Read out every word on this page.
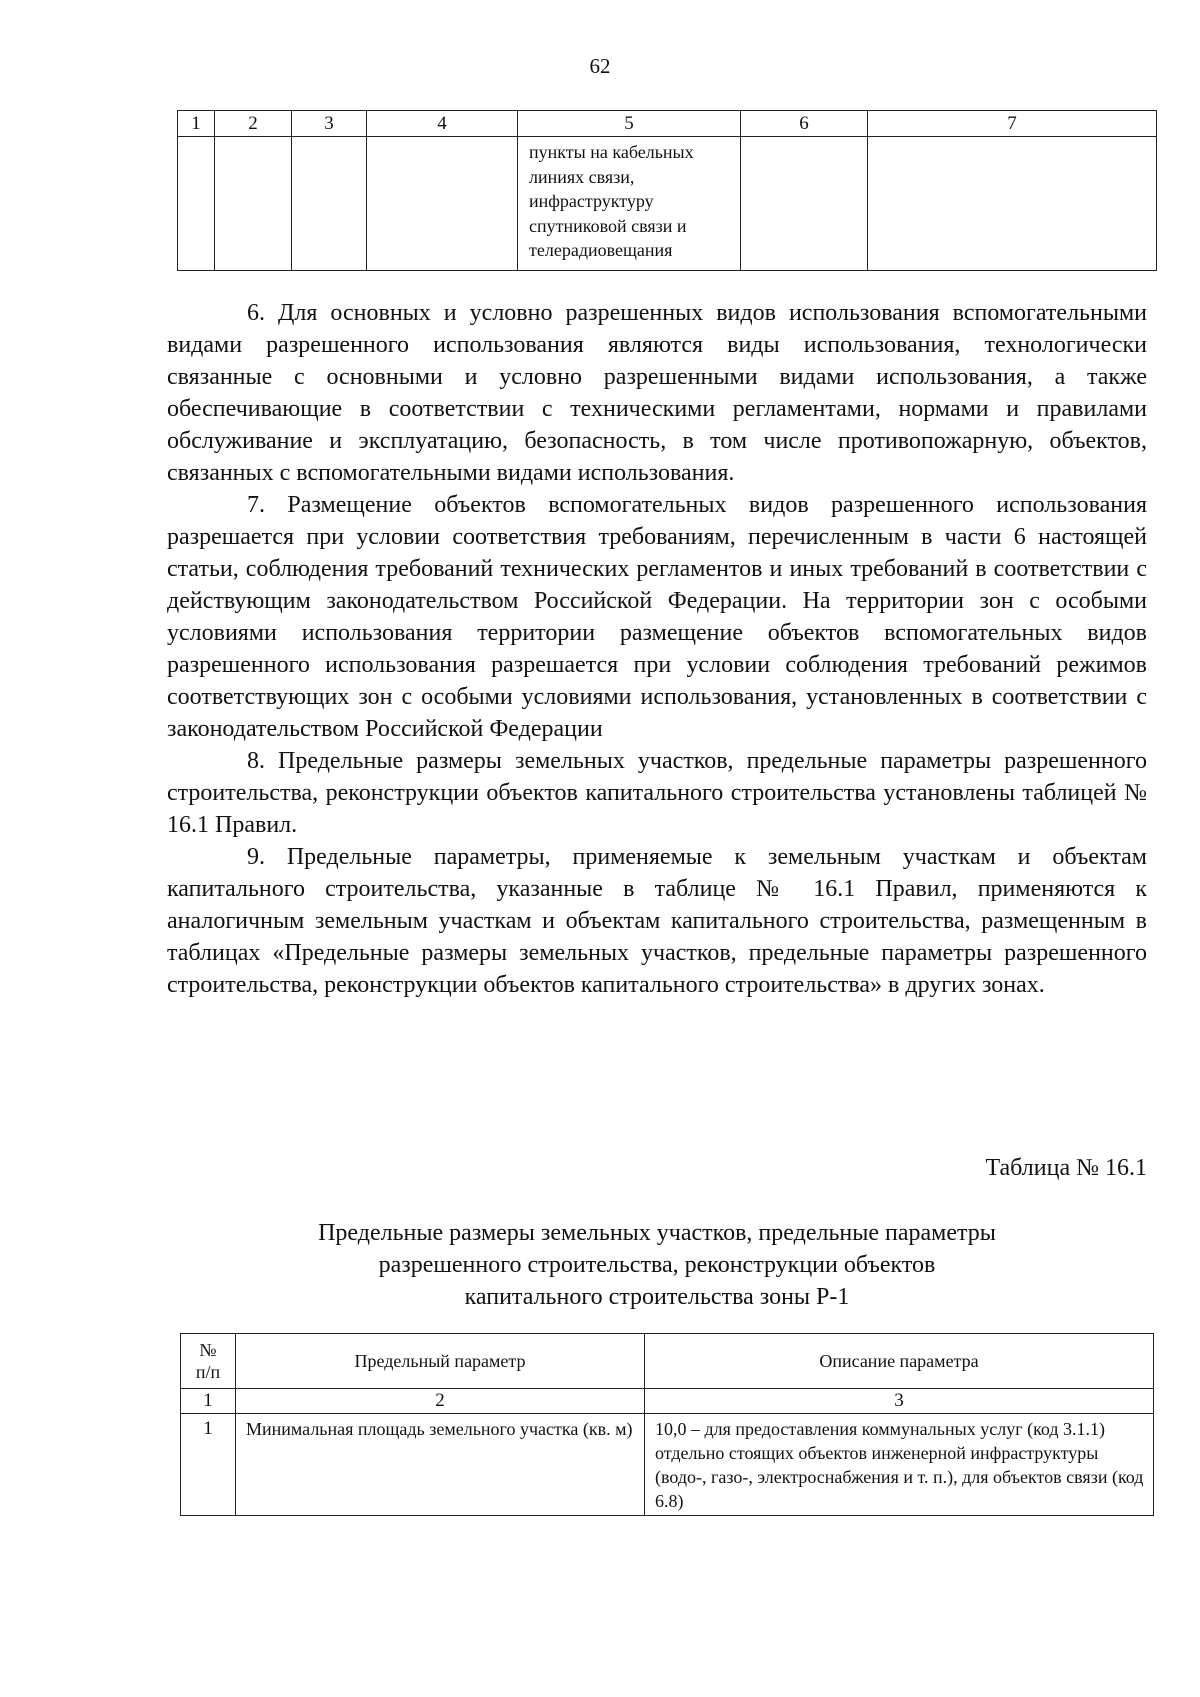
62
1	2	3	4	5	6	7

				пункты на кабельных
линиях связи,
инфраструктуру
спутниковой связи и
телерадиовещания		

6. Для основных и условно разрешенных видов использования вспомогательными видами разрешенного использования являются виды использования, технологически связанные с основными и условно разрешенными видами использования, а также обеспечивающие в соответствии с техническими регламентами, нормами и правилами обслуживание и эксплуатацию, безопасность, в том числе противопожарную, объектов, связанных с вспомогательными видами использования.

7. Размещение объектов вспомогательных видов разрешенного использования разрешается при условии соответствия требованиям, перечисленным в части 6 настоящей статьи, соблюдения требований технических регламентов и иных требований в соответствии с действующим законодательством Российской Федерации. На территории зон с особыми условиями использования территории размещение объектов вспомогательных видов разрешенного использования разрешается при условии соблюдения требований режимов соответствующих зон с особыми условиями использования, установленных в соответствии с законодательством Российской Федерации

8. Предельные размеры земельных участков, предельные параметры разрешенного строительства, реконструкции объектов капитального строительства установлены таблицей № 16.1 Правил.

9. Предельные параметры, применяемые к земельным участкам и объектам капитального строительства, указанные в таблице № 16.1 Правил, применяются к аналогичным земельным участкам и объектам капитального строительства, размещенным в таблицах «Предельные размеры земельных участков, предельные параметры разрешенного строительства, реконструкции объектов капитального строительства» в других зонах.

Таблица № 16.1
Предельные размеры земельных участков, предельные параметры
разрешенного строительства, реконструкции объектов
капитального строительства зоны Р-1
№
п/п	Предельный параметр	Описание параметра
1	2	3
1	Минимальная площадь земельного участка (кв. м)	10,0 – для предоставления коммунальных услуг (код 3.1.1) отдельно стоящих объектов инженерной инфраструктуры (водо-, газо-, электроснабжения и т. п.), для объектов связи (код 6.8)
